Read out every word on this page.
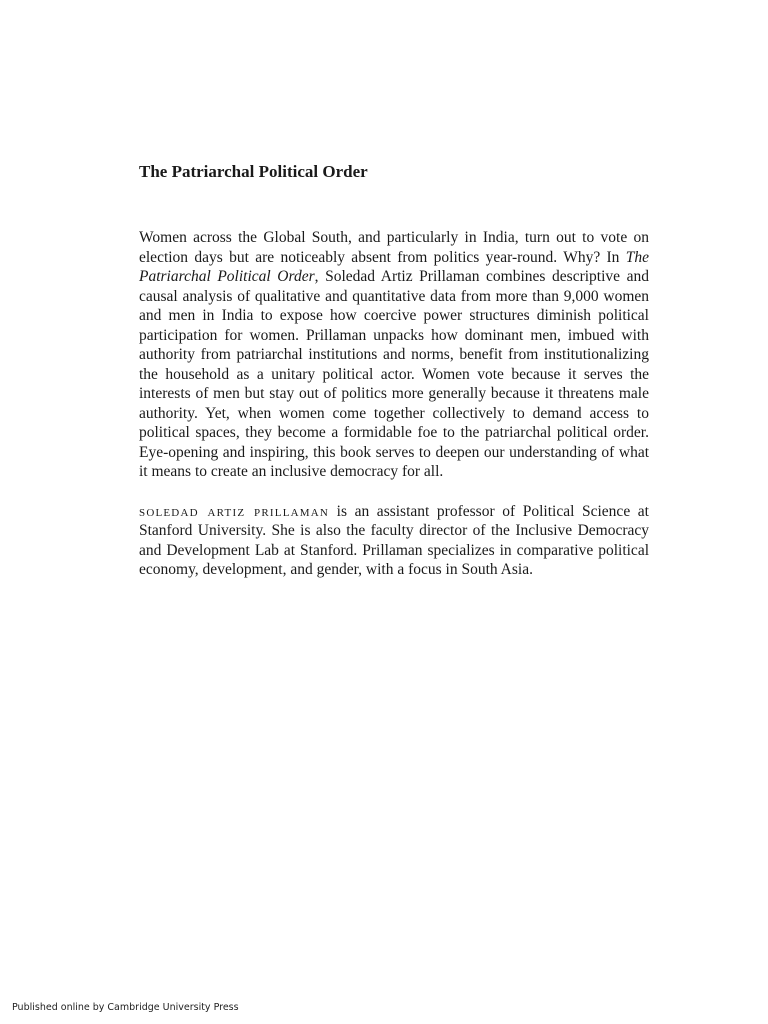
The Patriarchal Political Order

Women across the Global South, and particularly in India, turn out to vote on election days but are noticeably absent from politics year-round. Why? In The Patriarchal Political Order, Soledad Artiz Prillaman combines descriptive and causal analysis of qualitative and quantitative data from more than 9,000 women and men in India to expose how coercive power structures diminish political participation for women. Prillaman unpacks how dominant men, imbued with authority from patriarchal institutions and norms, benefit from institutionalizing the household as a unitary political actor. Women vote because it serves the interests of men but stay out of politics more generally because it threatens male authority. Yet, when women come together collectively to demand access to political spaces, they become a formidable foe to the patriarchal political order. Eye-opening and inspiring, this book serves to deepen our understanding of what it means to create an inclusive democracy for all.

soledad artiz prillaman is an assistant professor of Political Science at Stanford University. She is also the faculty director of the Inclusive Democracy and Development Lab at Stanford. Prillaman specializes in comparative political economy, development, and gender, with a focus in South Asia.

Published online by Cambridge University Press
